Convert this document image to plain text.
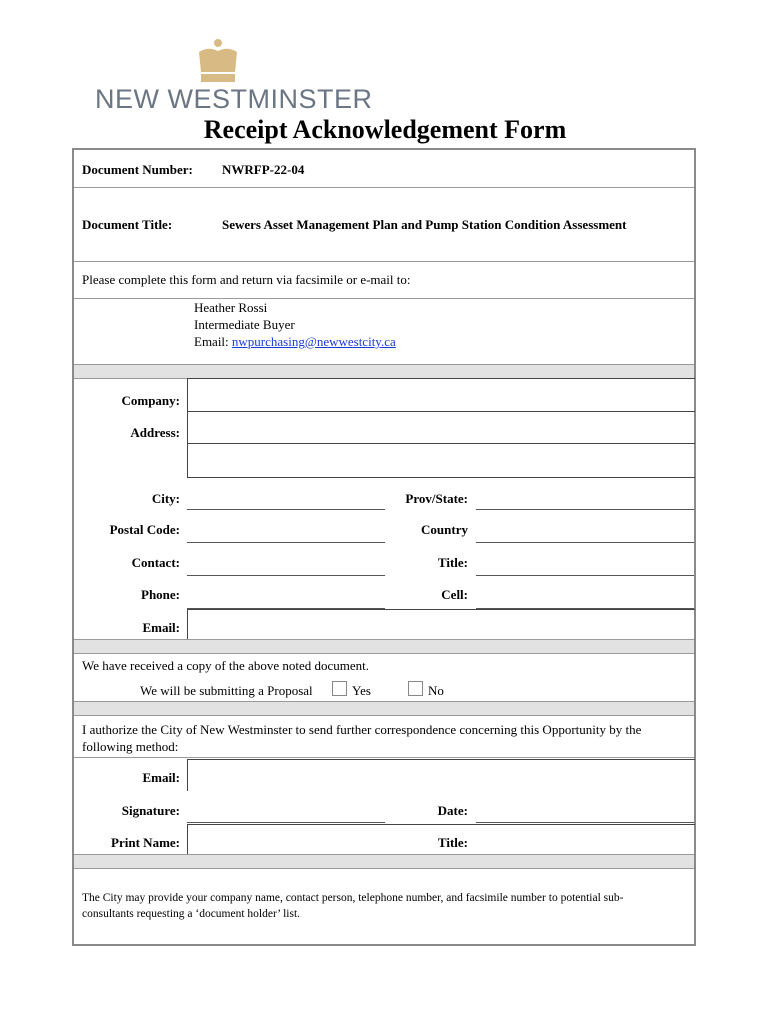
NEW WESTMINSTER
Receipt Acknowledgement Form
Document Number: NWRFP-22-04
Document Title:	Sewers Asset Management Plan and Pump Station Condition Assessment
Please complete this form and return via facsimile or e-mail to:
Heather Rossi
Intermediate Buyer
Email: nwpurchasing@newwestcity.ca
Company:
Address:
City:	Prov/State:
Postal Code:	Country
Contact:	Title:
Phone:	Cell:
Email:
We have received a copy of the above noted document.
We will be submitting a Proposal	Yes	No
I authorize the City of New Westminster to send further correspondence concerning this Opportunity by the
following method:
Email:
Signature:	Date:
Print Name:	Title:
The City may provide your company name, contact person, telephone number, and facsimile number to potential sub-
consultants requesting a ‘document holder’ list.
